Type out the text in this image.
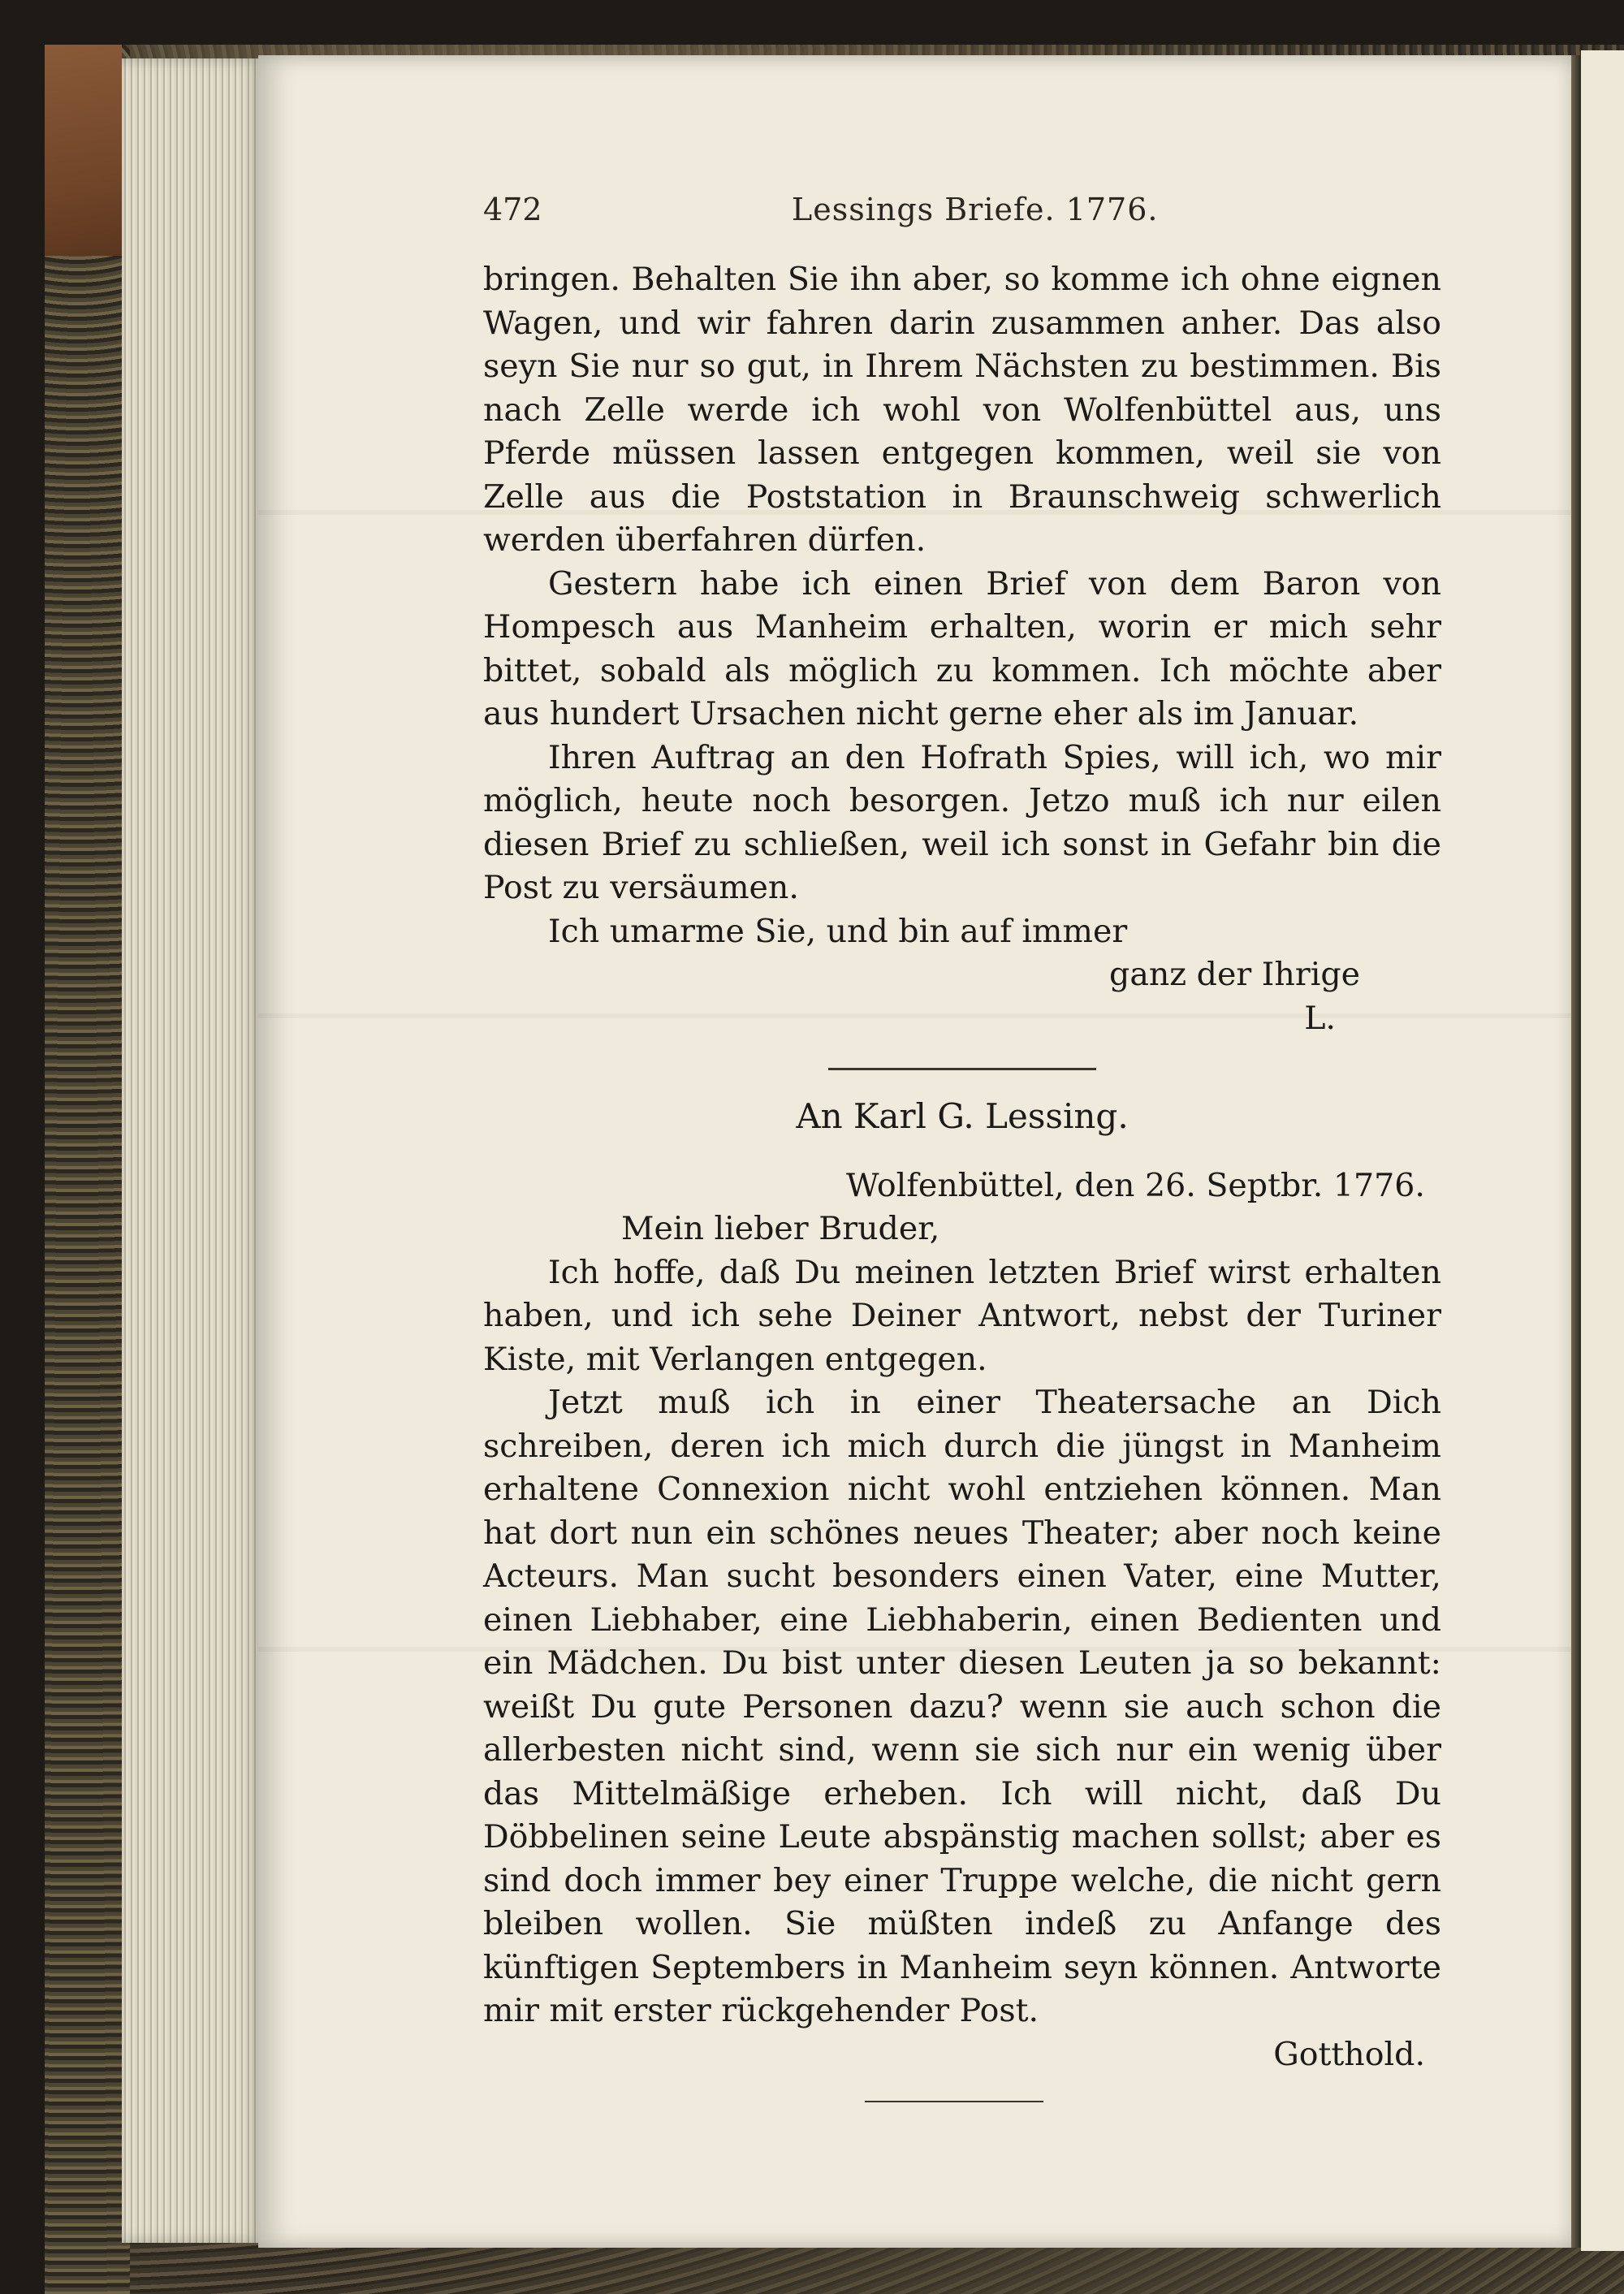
472	Lessings Briefe. 1776.

bringen. Behalten Sie ihn aber, so komme ich ohne eignen Wagen, und wir fahren darin zusammen anher. Das also seyn Sie nur so gut, in Ihrem Nächsten zu bestimmen. Bis nach Zelle werde ich wohl von Wolfenbüttel aus, uns Pferde müssen lassen entgegen kommen, weil sie von Zelle aus die Poststation in Braunschweig schwerlich werden überfahren dürfen.

Gestern habe ich einen Brief von dem Baron von Hompesch aus Manheim erhalten, worin er mich sehr bittet, sobald als möglich zu kommen. Ich möchte aber aus hundert Ursachen nicht gerne eher als im Januar.

Ihren Auftrag an den Hofrath Spies, will ich, wo mir möglich, heute noch besorgen. Jetzo muß ich nur eilen diesen Brief zu schließen, weil ich sonst in Gefahr bin die Post zu versäumen.

Ich umarme Sie, und bin auf immer

ganz der Ihrige

L.

An Karl G. Lessing.

Wolfenbüttel, den 26. Septbr. 1776.

Mein lieber Bruder,

Ich hoffe, daß Du meinen letzten Brief wirst erhalten haben, und ich sehe Deiner Antwort, nebst der Turiner Kiste, mit Verlangen entgegen.

Jetzt muß ich in einer Theatersache an Dich schreiben, deren ich mich durch die jüngst in Manheim erhaltene Connexion nicht wohl entziehen können. Man hat dort nun ein schönes neues Theater; aber noch keine Acteurs. Man sucht besonders einen Vater, eine Mutter, einen Liebhaber, eine Liebhaberin, einen Bedienten und ein Mädchen. Du bist unter diesen Leuten ja so bekannt: weißt Du gute Personen dazu? wenn sie auch schon die allerbesten nicht sind, wenn sie sich nur ein wenig über das Mittelmäßige erheben. Ich will nicht, daß Du Döbbelinen seine Leute abspänstig machen sollst; aber es sind doch immer bey einer Truppe welche, die nicht gern bleiben wollen. Sie müßten indeß zu Anfange des künftigen Septembers in Manheim seyn können. Antworte mir mit erster rückgehender Post.

Gotthold.
